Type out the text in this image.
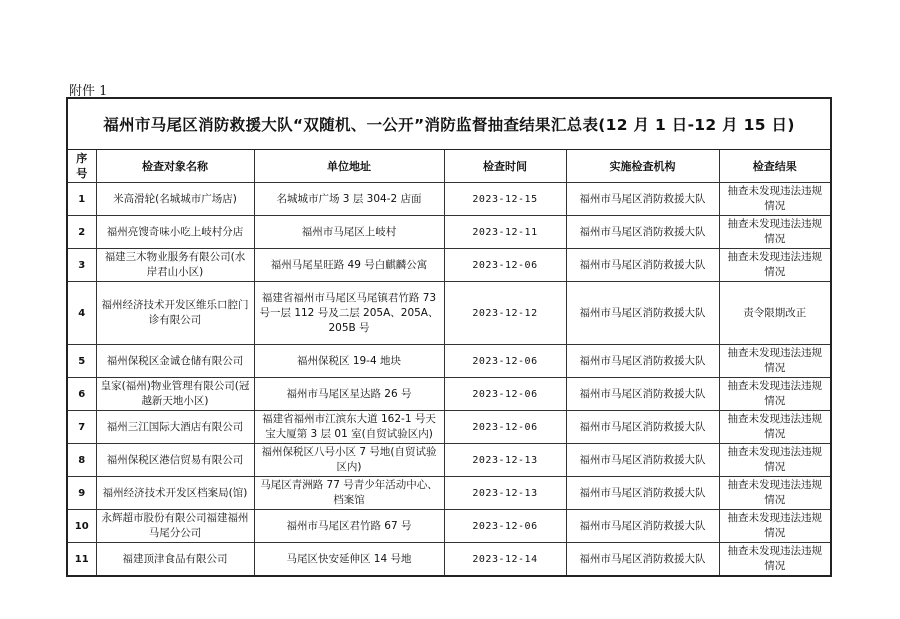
附件 1
福州市马尾区消防救援大队“双随机、一公开”消防监督抽查结果汇总表(12 月 1 日-12 月 15 日)
序号	检查对象名称	单位地址	检查时间	实施检查机构	检查结果
1	米高滑轮(名城城市广场店)	名城城市广场 3 层 304-2 店面	2023-12-15	福州市马尾区消防救援大队	抽查未发现违法违规情况
2	福州亮馊奇味小吃上岐村分店	福州市马尾区上岐村	2023-12-11	福州市马尾区消防救援大队	抽查未发现违法违规情况
3	福建三木物业服务有限公司(水岸君山小区)	福州马尾星旺路 49 号白麒麟公寓	2023-12-06	福州市马尾区消防救援大队	抽查未发现违法违规情况
4	福州经济技术开发区维乐口腔门诊有限公司	福建省福州市马尾区马尾镇君竹路 73 号一层 112 号及二层 205A、205A、205B 号	2023-12-12	福州市马尾区消防救援大队	责令限期改正
5	福州保税区金诚仓储有限公司	福州保税区 19-4 地块	2023-12-06	福州市马尾区消防救援大队	抽查未发现违法违规情况
6	皇家(福州)物业管理有限公司(冠越新天地小区)	福州市马尾区星达路 26 号	2023-12-06	福州市马尾区消防救援大队	抽查未发现违法违规情况
7	福州三江国际大酒店有限公司	福建省福州市江滨东大道 162-1 号天宝大厦第 3 层 01 室(自贸试验区内)	2023-12-06	福州市马尾区消防救援大队	抽查未发现违法违规情况
8	福州保税区港信贸易有限公司	福州保税区八号小区 7 号地(自贸试验区内)	2023-12-13	福州市马尾区消防救援大队	抽查未发现违法违规情况
9	福州经济技术开发区档案局(馆)	马尾区青洲路 77 号青少年活动中心、档案馆	2023-12-13	福州市马尾区消防救援大队	抽查未发现违法违规情况
10	永辉超市股份有限公司福建福州马尾分公司	福州市马尾区君竹路 67 号	2023-12-06	福州市马尾区消防救援大队	抽查未发现违法违规情况
11	福建顶津食品有限公司	马尾区快安延伸区 14 号地	2023-12-14	福州市马尾区消防救援大队	抽查未发现违法违规情况
